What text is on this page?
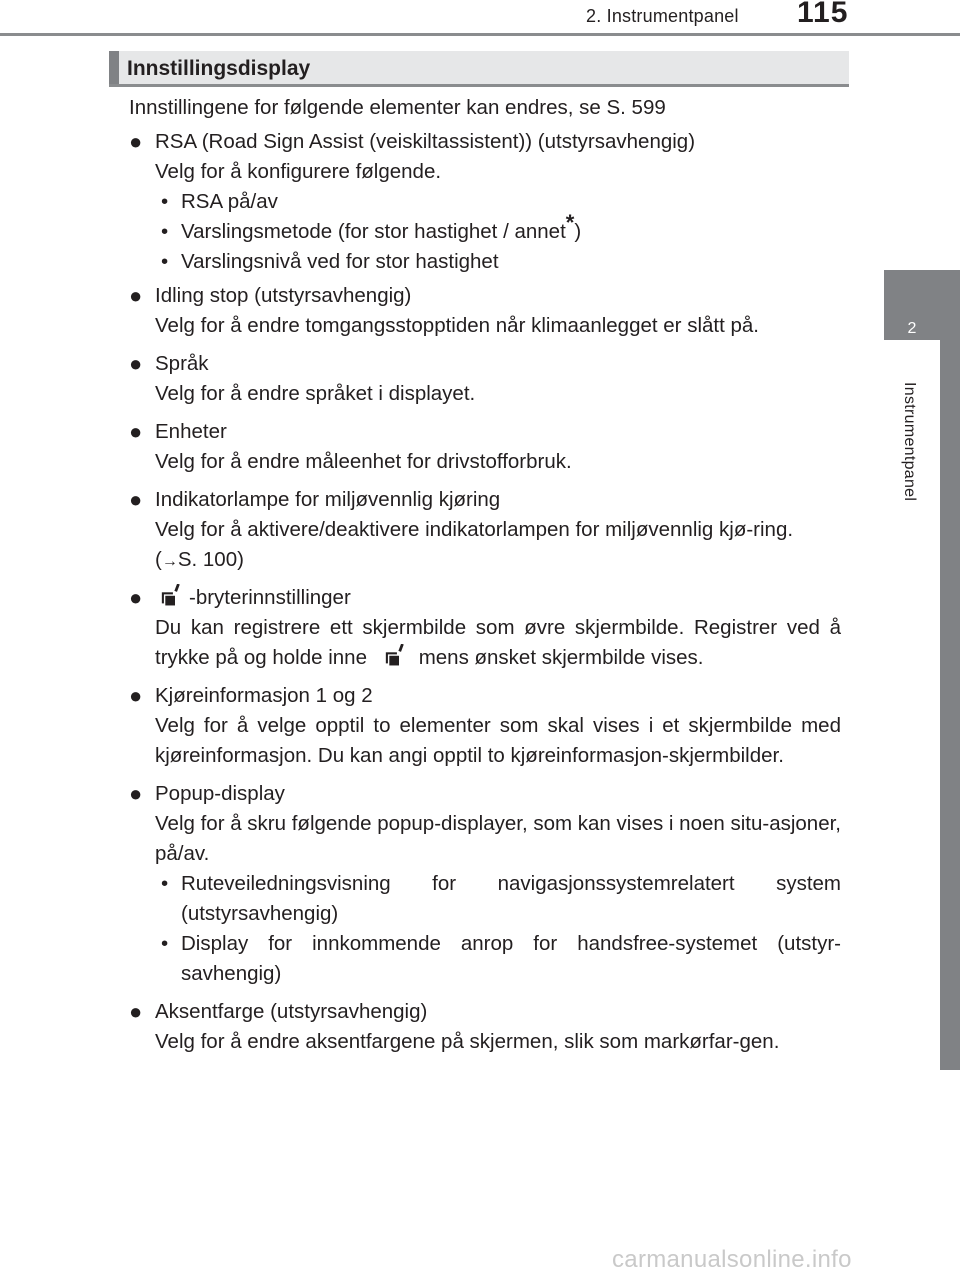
2. Instrumentpanel 115
2
Instrumentpanel
Innstillingsdisplay

Innstillingene for følgende elementer kan endres, se S. 599

● RSA (Road Sign Assist (veiskiltassistent)) (utstyrsavhengig)

Velg for å konfigurere følgende.

• RSA på/av

• Varslingsmetode (for stor hastighet / annet*)

• Varslingsnivå ved for stor hastighet

● Idling stop (utstyrsavhengig)

Velg for å endre tomgangsstopptiden når klimaanlegget er slått på.

● Språk

Velg for å endre språket i displayet.

● Enheter

Velg for å endre måleenhet for drivstofforbruk.

● Indikatorlampe for miljøvennlig kjøring

Velg for å aktivere/deaktivere indikatorlampen for miljøvennlig kjø-ring.

(→S. 100)

● -bryterinnstillinger

Du kan registrere ett skjermbilde som øvre skjermbilde. Registrer ved å trykke på og holde inne	mens ønsket skjermbilde vises.

● Kjøreinformasjon 1 og 2

Velg for å velge opptil to elementer som skal vises i et skjermbilde med kjøreinformasjon. Du kan angi opptil to kjøreinformasjon-skjermbilder.

● Popup-display

Velg for å skru følgende popup-displayer, som kan vises i noen situ-asjoner, på/av.

• Ruteveiledningsvisning for navigasjonssystemrelatert system (utstyrsavhengig)

• Display for innkommende anrop for handsfree-systemet (utstyr-savhengig)

● Aksentfarge (utstyrsavhengig)

Velg for å endre aksentfargene på skjermen, slik som markørfar-gen.

carmanualsonline.info
